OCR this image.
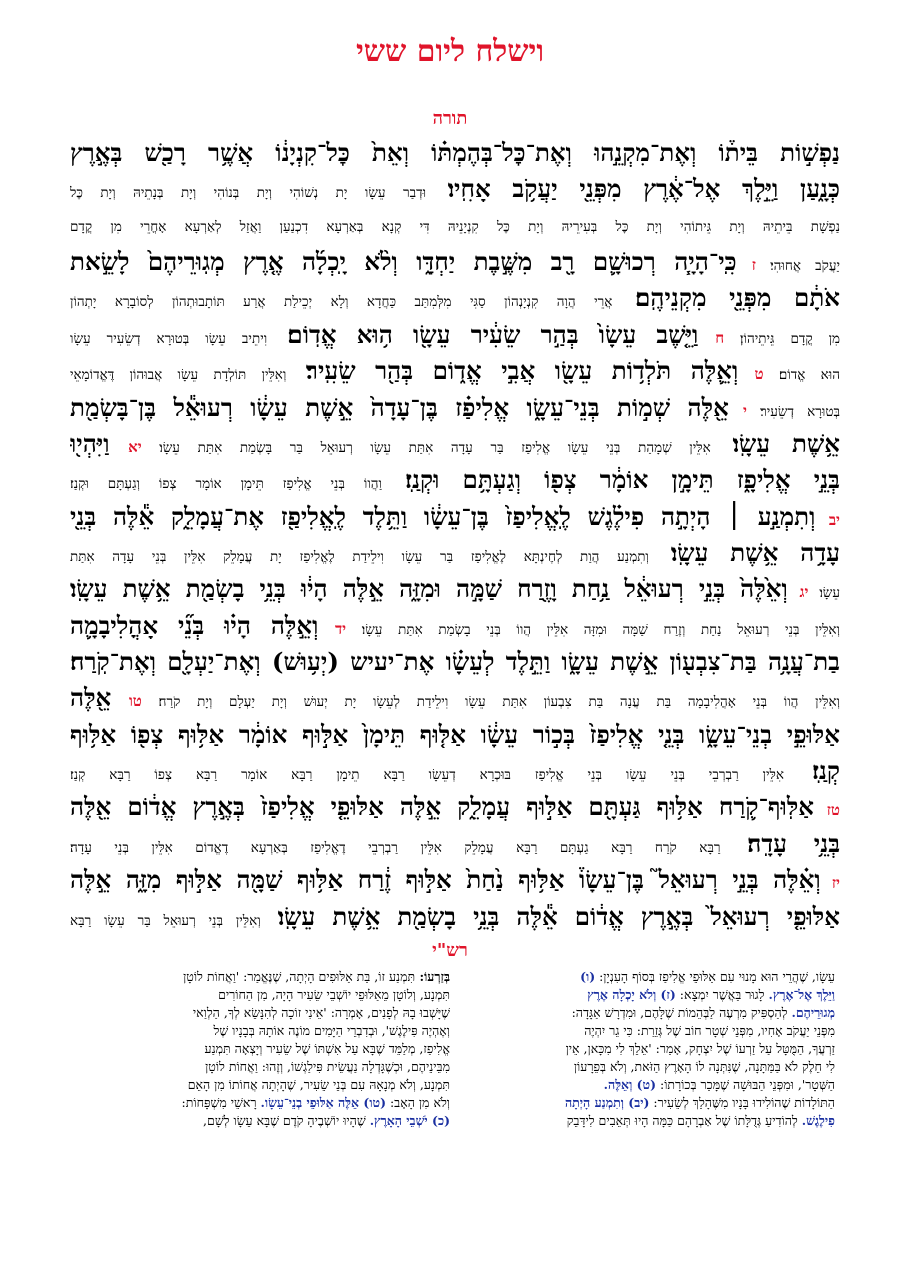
וישלח ליום ששי
תורה
נַפְשׁ֣וֹת בֵּית֒וֹ וְאֶת־מִקְנֵ֣הוּ וְאֶת־כׇּל־בְּהֶמְתּ֗וֹ וְאֵת֙ כׇּל־קִנְיָנ֔וֹ אֲשֶׁ֥ר רָכַ֖שׁ בְּאֶ֣רֶץ
כְּנָ֑עַן וַיֵּ֣לֶךְ אֶל־אֶ֔רֶץ מִפְּנֵ֖י יַעֲקֹ֥ב אָחִֽיו׃ וּדְבַר עֵשָׂו יָת נְשׁוֹהִי וְיָת בְּנוֹהִי וְיָת בְּנָתֵיהּ וְיָת כׇּל
נַפְשָׁת בֵּיתֵיהּ וְיָת גֵּיתוֹהִי וְיָת כׇּל בְּעִירֵיהּ וְיָת כׇּל קִנְיָנֵיהּ דִּי קְנָא בְּאַרְעָא דִכְנַעַן וַאֲזַל לְאַרְעָא אָחֳרֵי מִן קֳדָם
יַעֲקֹב אֲחוּהִי׃ ז כִּֽי־הָיָ֧ה רְכוּשָׁ֛ם רָ֖ב מִשֶּׁ֣בֶת יַחְדָּ֑ו וְלֹ֨א יָֽכְלָ֜ה אֶ֤רֶץ מְגֽוּרֵיהֶם֙ לָשֵׂ֣את
אֹתָ֔ם מִפְּנֵ֖י מִקְנֵיהֶֽם׃ אֲרֵי הֲוָה קִנְיָנְהוֹן סַגִּי מִלְּמִתַּב כַּחֲדָא וְלָא יְכֵילַת אֲרַע תּוֹתָבוּתְהוֹן לְסוֹבָרָא יָתְהוֹן
מִן קֳדָם גֵּיתֵיהוֹן׃ ח וַיֵּ֤שֶׁב עֵשָׂו֙ בְּהַ֣ר שֵׂעִ֔יר עֵשָׂ֖ו ה֥וּא אֱדֽוֹם׃ וִיתֵיב עֵשָׂו בְּטוּרָא דְשֵׂעִיר עֵשָׂו
הוּא אֱדוֹם׃ ט וְאֵ֛לֶּה תֹּלְד֥וֹת עֵשָׂ֖ו אֲבִ֣י אֱד֑וֹם בְּהַ֖ר שֵׂעִֽיר׃ וְאִלֵּין תּוֹלְדָת עֵשָׂו אֲבוּהוֹן דֶּאֱדוֹמָאֵי
בְּטוּרָא דְשֵׂעִיר׃ י אֵ֖לֶּה שְׁמ֣וֹת בְּנֵי־עֵשָׂ֑ו אֱלִיפַ֗ז בֶּן־עָדָה֙ אֵ֣שֶׁת עֵשָׂ֔ו רְעוּאֵ֕ל בֶּן־בָּשְׂמַ֖ת
אֵ֥שֶׁת עֵשָֽׂו׃ אִלֵּין שְׁמָהַת בְּנֵי עֵשָׂו אֱלִיפַז בַּר עָדָה אִתַּת עֵשָׂו רְעוּאֵל בַּר בָּשְׂמַת אִתַּת עֵשָׂו׃ יא וַיִּהְי֖וּ
בְּנֵ֣י אֱלִיפָ֑ז תֵּימָ֣ן אוֹמָ֔ר צְפ֖וֹ וְגַעְתָּ֥ם וּקְנַֽז׃ וַהֲווֹ בְּנֵי אֱלִיפַז תֵּימָן אוֹמָר צְפוֹ וְגַעְתָּם וּקְנַז׃
יב וְתִמְנַ֣ע ׀ הָיְתָ֣ה פִילֶ֗גֶשׁ לֶֽאֱלִיפַז֙ בֶּן־עֵשָׂ֔ו וַתֵּ֥לֶד לֶֽאֱלִיפַ֖ז אֶת־עֲמָלֵ֑ק אֵ֕לֶּה בְּנֵ֖י
עָדָ֥ה אֵ֥שֶׁת עֵשָֽׂו׃ וְתִמְנַע הֲוַת לְחֶינְתָּא לֶאֱלִיפַז בַּר עֵשָׂו וִילֵידַת לֶאֱלִיפַז יָת עֲמָלֵק אִלֵּין בְּנֵי עָדָה אִתַּת
עֵשָׂו׃ יג וְאֵ֙לֶּה֙ בְּנֵ֣י רְעוּאֵ֔ל נַ֥חַת וָזֶ֖רַח שַׁמָּ֣ה וּמִזָּ֑ה אֵ֣לֶּה הָי֔וּ בְּנֵ֥י בָשְׂמַ֖ת אֵ֥שֶׁת עֵשָֽׂו׃
וְאִלֵּין בְּנֵי רְעוּאֵל נַחַת וְזֶרַח שַׁמָּה וּמִזָּה אִלֵּין הֲווֹ בְּנֵי בָשְׂמַת אִתַּת עֵשָׂו׃ יד וְאֵ֣לֶּה הָי֗וּ בְּנֵ֞י אָהֳלִיבָמָ֛ה
בַת־עֲנָ֥ה בַּת־צִבְע֖וֹן אֵ֣שֶׁת עֵשָׂ֑ו וַתֵּ֣לֶד לְעֵשָׂ֗ו אֶת־יעיש (יְע֥וּשׁ) וְאֶת־יַעְלָ֖ם וְאֶת־קֹֽרַח׃
וְאִלֵּין הֲווֹ בְּנֵי אָהֳלִיבָמָה בַּת עֲנָה בַּת צִבְעוֹן אִתַּת עֵשָׂו וִילֵידַת לְעֵשָׂו יָת יְעוּשׁ וְיָת יַעְלָם וְיָת קֹרַח׃ טו אֵ֖לֶּה
אַלּוּפֵ֣י בְנֵי־עֵשָׂ֑ו בְּנֵ֤י אֱלִיפַז֙ בְּכ֣וֹר עֵשָׂ֔ו אַלּ֤וּף תֵּימָן֙ אַלּ֣וּף אוֹמָ֔ר אַלּ֥וּף צְפ֖וֹ אַלּ֥וּף
קְנַֽז׃ אִלֵּין רַבְרְבֵי בְּנֵי עֵשָׂו בְּנֵי אֱלִיפַז בּוּכְרָא דְעֵשָׂו רַבָּא תֵימָן רַבָּא אוֹמָר רַבָּא צְפוֹ רַבָּא קְנַז׃
טז אַלּֽוּף־קֹ֛רַח אַלּ֥וּף גַּעְתָּ֖ם אַלּ֣וּף עֲמָלֵ֑ק אֵ֣לֶּה אַלּוּפֵ֤י אֱלִיפַז֙ בְּאֶ֣רֶץ אֱד֔וֹם אֵ֖לֶּה
בְּנֵ֥י עָדָֽה׃ רַבָּא קֹרַח רַבָּא גַעְתָּם רַבָּא עֲמָלֵק אִלֵּין רַבְרְבֵי דֶאֱלִיפַז בְּאַרְעָא דֶאֱדוֹם אִלֵּין בְּנֵי עָדָה׃
יז וְאֵ֗לֶּה בְּנֵ֣י רְעוּאֵל֮ בֶּן־עֵשָׂו֒ אַלּ֥וּף נַ֙חַת֙ אַלּ֣וּף זֶ֔רַח אַלּ֥וּף שַׁמָּ֖ה אַלּ֣וּף מִזָּ֑ה אֵ֣לֶּה
אַלּוּפֵ֤י רְעוּאֵל֙ בְּאֶ֣רֶץ אֱד֔וֹם אֵ֕לֶּה בְּנֵ֥י בָשְׂמַ֖ת אֵ֥שֶׁת עֵשָֽׂו׃ וְאִלֵּין בְּנֵי רְעוּאֵל בַּר עֵשָׂו רַבָּא
רש"י
עֵשָׂו, שֶׁהֲרֵי הוּא מָנוּי עִם אַלּוּפֵי אֱלִיפַז בְּסוֹף הָעִנְיָן: (ו)
וַיֵּלֶךְ אֶל־אֶרֶץ. לָגוּר בַּאֲשֶׁר יִמְצָא: (ז) וְלֹא יָכְלָה אֶרֶץ
מְגוּרֵיהֶם. לְהַסְפִּיק מִרְעֶה לַבְּהֵמוֹת שֶׁלָּהֶם, וּמִדְרָשׁ אַגָּדָה:
מִפְּנֵי יַעֲקֹב אָחִיו, מִפְּנֵי שְׁטָר חוֹב שֶׁל גְּזֵרַת: כִּי גֵר יִהְיֶה
זַרְעֲךָ, הַמֻּטָּל עַל זַרְעוֹ שֶׁל יִצְחָק, אָמַר: 'אֵלֵךְ לִי מִכָּאן, אֵין
לִי חֵלֶק לֹא בַּמַּתָּנָה, שֶׁנִּתְּנָה לוֹ הָאָרֶץ הַזֹּאת, וְלֹא בְּפֵרָעוֹן
הַשְּׁטָר', וּמִפְּנֵי הַבּוּשָׁה שֶׁמָּכַר בְּכוֹרָתוֹ: (ט) וְאֵלֶּה.
הַתּוֹלָדוֹת שֶׁהוֹלִידוּ בָּנָיו מִשֶּׁהָלַךְ לְשֵׂעִיר: (יב) וְתִמְנַע הָיְתָה
פִילֶגֶשׁ. לְהוֹדִיעַ גְּדֻלָּתוֹ שֶׁל אַבְרָהָם כַּמָּה הָיוּ תְּאֵבִים לִידָּבֵק
בְּזַרְעוֹ: תִּמְנַע זוֹ, בַּת אַלּוּפִים הָיְתָה, שֶׁנֶּאֱמַר: 'וַאֲחוֹת לוֹטָן
תִּמְנָע, וְלוֹטָן מֵאַלּוּפֵי יוֹשְׁבֵי שֵׂעִיר הָיָה, מִן הַחוֹרִים
שֶׁיָּשְׁבוּ בָהּ לְפָנִים, אָמְרָה: 'אֵינִי זוֹכָה לְהִנָּשֵׂא לְךָ, הַלְוַאי
וְאֶהְיֶה פִּילֶגֶשׁ', וּבְדִבְרֵי הַיָּמִים מוֹנֶה אוֹתָהּ בְּבָנָיו שֶׁל
אֱלִיפַז, מְלַמֵּד שֶׁבָּא עַל אִשְׁתּוֹ שֶׁל שֵׂעִיר וְיָצְאָה תִּמְנַע
מִבֵּינֵיהֶם, וּכְשֶׁגָּדְלָה נַעֲשֵׂית פִּילַגְשׁוֹ, וְזֶהוּ: וַאֲחוֹת לוֹטָן
תִּמְנָע, וְלֹא מְנָאָהּ עִם בְּנֵי שֵׂעִיר, שֶׁהָיְתָה אֲחוֹתוֹ מִן הָאֵם
וְלֹא מִן הָאָב: (טו) אֵלֶּה אַלּוּפֵי בְנֵי־עֵשָׂו. רָאשֵׁי מִשְׁפָּחוֹת:
(כ) יֹשְׁבֵי הָאָרֶץ. שֶׁהָיוּ יוֹשְׁבֶיהָ קֹדֶם שֶׁבָּא עֵשָׂו לְשָׁם,
